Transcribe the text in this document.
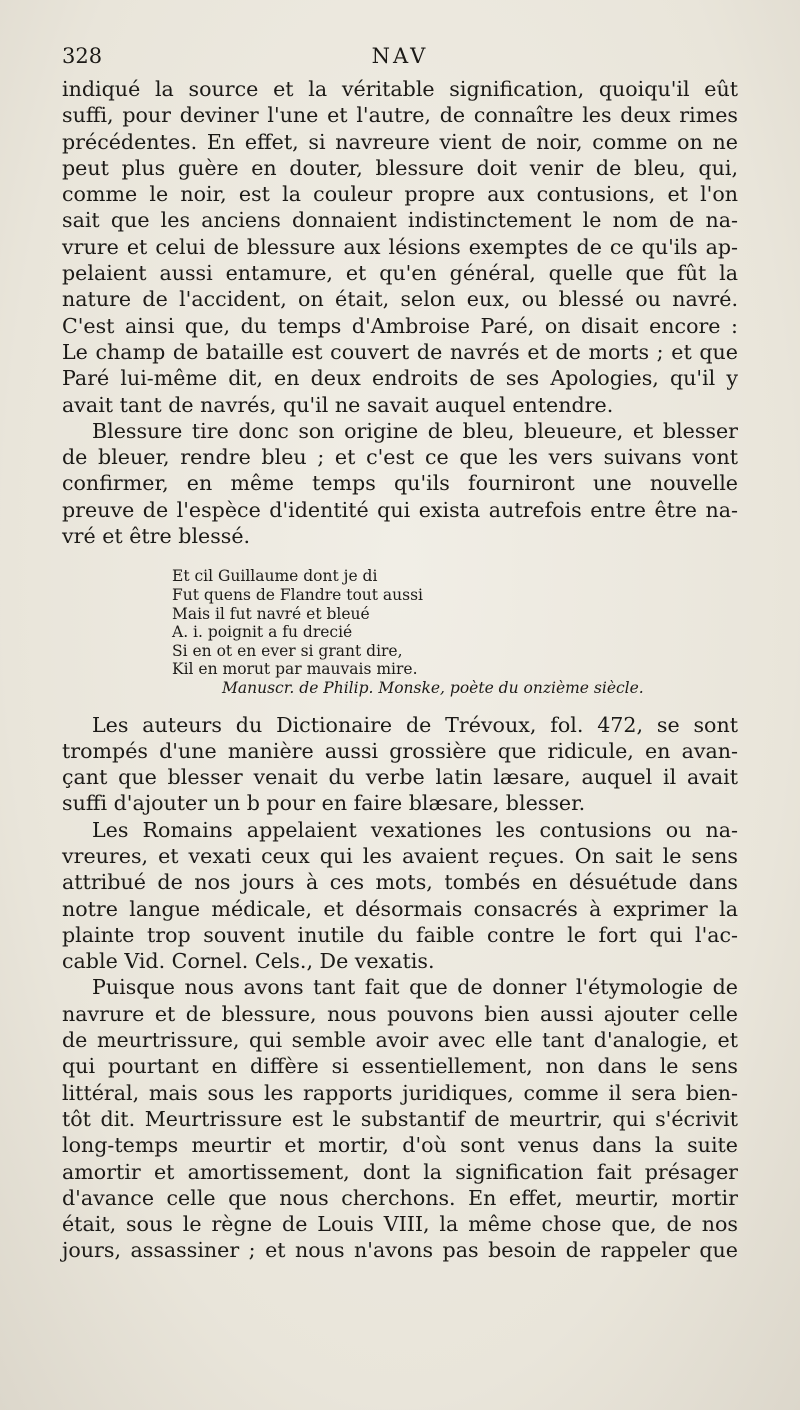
328	NAV
indiqué la source et la véritable signification, quoiqu'il eût
suffi, pour deviner l'une et l'autre, de connaître les deux rimes
précédentes. En effet, si navreure vient de noir, comme on ne
peut plus guère en douter, blessure doit venir de bleu, qui,
comme le noir, est la couleur propre aux contusions, et l'on
sait que les anciens donnaient indistinctement le nom de na-
vrure et celui de blessure aux lésions exemptes de ce qu'ils ap-
pelaient aussi entamure, et qu'en général, quelle que fût la
nature de l'accident, on était, selon eux, ou blessé ou navré.
C'est ainsi que, du temps d'Ambroise Paré, on disait encore :
Le champ de bataille est couvert de navrés et de morts ; et que
Paré lui-même dit, en deux endroits de ses Apologies, qu'il y
avait tant de navrés, qu'il ne savait auquel entendre.
Blessure tire donc son origine de bleu, bleueure, et blesser
de bleuer, rendre bleu ; et c'est ce que les vers suivans vont
confirmer, en même temps qu'ils fourniront une nouvelle
preuve de l'espèce d'identité qui exista autrefois entre être na-
vré et être blessé.
Et cil Guillaume dont je di
Fut quens de Flandre tout aussi
Mais il fut navré et bleué
A. i. poignit a fu drecié
Si en ot en ever si grant dire,
Kil en morut par mauvais mire.
Manuscr. de Philip. Monske, poète du onzième siècle.
Les auteurs du Dictionaire de Trévoux, fol. 472, se sont
trompés d'une manière aussi grossière que ridicule, en avan-
çant que blesser venait du verbe latin læsare, auquel il avait
suffi d'ajouter un b pour en faire blæsare, blesser.
Les Romains appelaient vexationes les contusions ou na-
vreures, et vexati ceux qui les avaient reçues. On sait le sens
attribué de nos jours à ces mots, tombés en désuétude dans
notre langue médicale, et désormais consacrés à exprimer la
plainte trop souvent inutile du faible contre le fort qui l'ac-
cable Vid. Cornel. Cels., De vexatis.
Puisque nous avons tant fait que de donner l'étymologie de
navrure et de blessure, nous pouvons bien aussi ajouter celle
de meurtrissure, qui semble avoir avec elle tant d'analogie, et
qui pourtant en diffère si essentiellement, non dans le sens
littéral, mais sous les rapports juridiques, comme il sera bien-
tôt dit. Meurtrissure est le substantif de meurtrir, qui s'écrivit
long-temps meurtir et mortir, d'où sont venus dans la suite
amortir et amortissement, dont la signification fait présager
d'avance celle que nous cherchons. En effet, meurtir, mortir
était, sous le règne de Louis VIII, la même chose que, de nos
jours, assassiner ; et nous n'avons pas besoin de rappeler que
